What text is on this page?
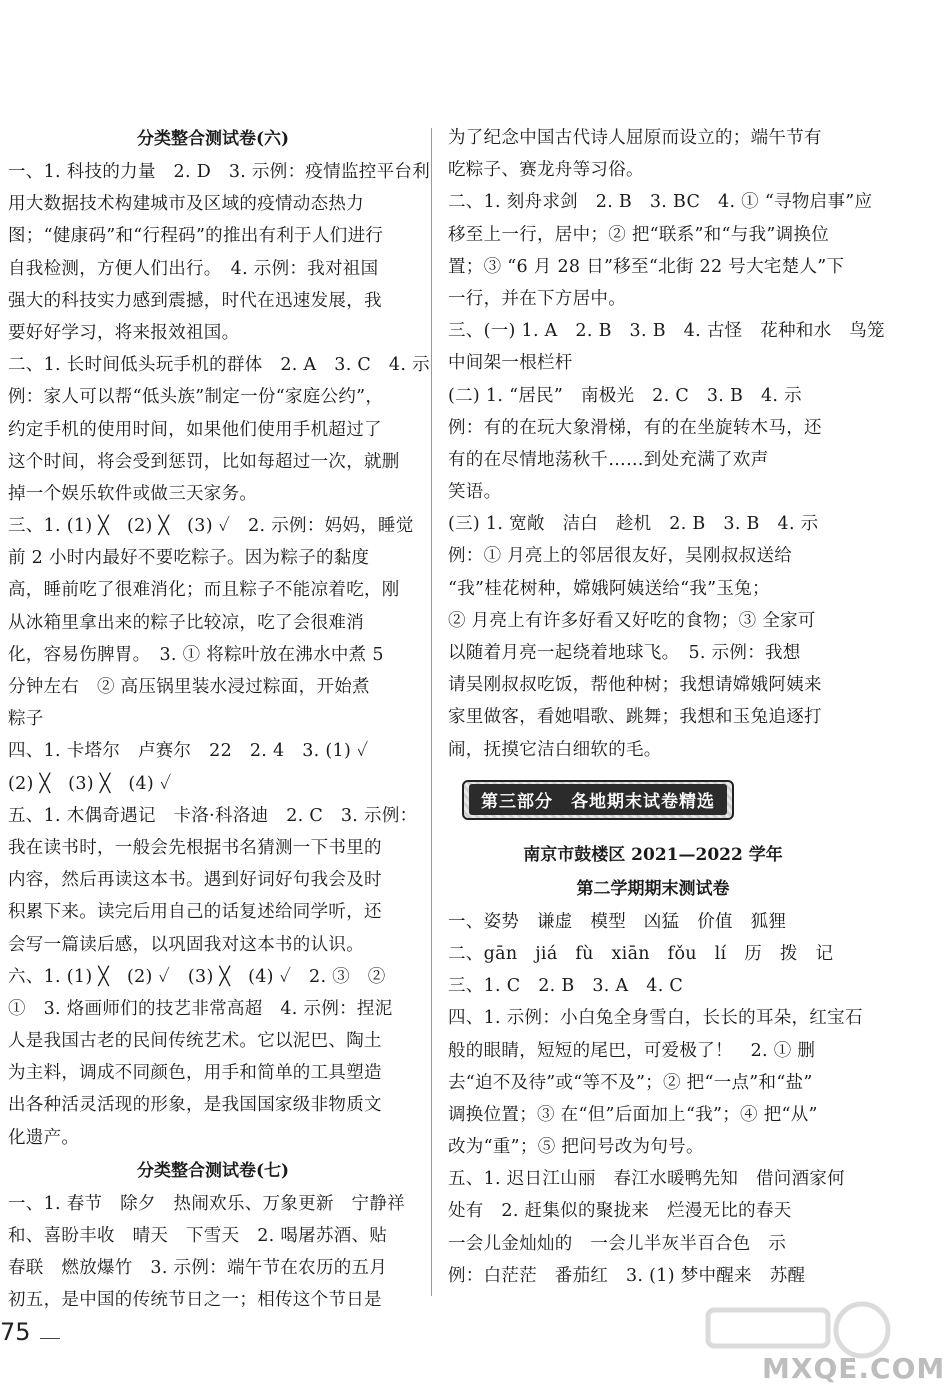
分类整合测试卷(六)
一、1. 科技的力量　2. D　3. 示例：疫情监控平台利
用大数据技术构建城市及区域的疫情动态热力
图；“健康码”和“行程码”的推出有利于人们进行
自我检测，方便人们出行。　4. 示例：我对祖国
强大的科技实力感到震撼，时代在迅速发展，我
要好好学习，将来报效祖国。
二、1. 长时间低头玩手机的群体　2. A　3. C　4. 示
例：家人可以帮“低头族”制定一份“家庭公约”，
约定手机的使用时间，如果他们使用手机超过了
这个时间，将会受到惩罚，比如每超过一次，就删
掉一个娱乐软件或做三天家务。
三、1. (1) ╳　(2) ╳　(3) ✓　2. 示例：妈妈，睡觉
前 2 小时内最好不要吃粽子。因为粽子的黏度
高，睡前吃了很难消化；而且粽子不能凉着吃，刚
从冰箱里拿出来的粽子比较凉，吃了会很难消
化，容易伤脾胃。　3. ① 将粽叶放在沸水中煮 5
分钟左右　② 高压锅里装水浸过粽面，开始煮
粽子
四、1. 卡塔尔　卢赛尔　22　2. 4　3. (1) ✓
(2) ╳　(3) ╳　(4) ✓
五、1. 木偶奇遇记　卡洛·科洛迪　2. C　3. 示例：
我在读书时，一般会先根据书名猜测一下书里的
内容，然后再读这本书。遇到好词好句我会及时
积累下来。读完后用自己的话复述给同学听，还
会写一篇读后感，以巩固我对这本书的认识。
六、1. (1) ╳　(2) ✓　(3) ╳　(4) ✓　2. ③　②
①　3. 烙画师们的技艺非常高超　4. 示例：捏泥
人是我国古老的民间传统艺术。它以泥巴、陶土
为主料，调成不同颜色，用手和简单的工具塑造
出各种活灵活现的形象，是我国国家级非物质文
化遗产。
分类整合测试卷(七)
一、1. 春节　除夕　热闹欢乐、万象更新　宁静祥
和、喜盼丰收　晴天　下雪天　2. 喝屠苏酒、贴
春联　燃放爆竹　3. 示例：端午节在农历的五月
初五，是中国的传统节日之一；相传这个节日是
为了纪念中国古代诗人屈原而设立的；端午节有
吃粽子、赛龙舟等习俗。
二、1. 刻舟求剑　2. B　3. BC　4. ① “寻物启事”应
移至上一行，居中；② 把“联系”和“与我”调换位
置；③ “6 月 28 日”移至“北街 22 号大宅楚人”下
一行，并在下方居中。
三、(一) 1. A　2. B　3. B　4. 古怪　花种和水　鸟笼
中间架一根栏杆
(二) 1. “居民”　南极光　2. C　3. B　4. 示
例：有的在玩大象滑梯，有的在坐旋转木马，还
有的在尽情地荡秋千……到处充满了欢声
笑语。
(三) 1. 宽敞　洁白　趁机　2. B　3. B　4. 示
例：① 月亮上的邻居很友好，吴刚叔叔送给
“我”桂花树种，嫦娥阿姨送给“我”玉兔；
② 月亮上有许多好看又好吃的食物；③ 全家可
以随着月亮一起绕着地球飞。　5. 示例：我想
请吴刚叔叔吃饭，帮他种树；我想请嫦娥阿姨来
家里做客，看她唱歌、跳舞；我想和玉兔追逐打
闹，抚摸它洁白细软的毛。
第三部分　各地期末试卷精选
南京市鼓楼区 2021—2022 学年
第二学期期末测试卷
一、姿势　谦虚　模型　凶猛　价值　狐狸
二、gān　jiá　fù　xiān　fǒu　lí　历　拨　记
三、1. C　2. B　3. A　4. C
四、1. 示例：小白兔全身雪白，长长的耳朵，红宝石
般的眼睛，短短的尾巴，可爱极了！　2. ① 删
去“迫不及待”或“等不及”；② 把“一点”和“盐”
调换位置；③ 在“但”后面加上“我”；④ 把“从”
改为“重”；⑤ 把问号改为句号。
五、1. 迟日江山丽　春江水暖鸭先知　借问酒家何
处有　2. 赶集似的聚拢来　烂漫无比的春天
一会儿金灿灿的　一会儿半灰半百合色　示
例：白茫茫　番茄红　3. (1) 梦中醒来　苏醒
75
MXQE.COM
